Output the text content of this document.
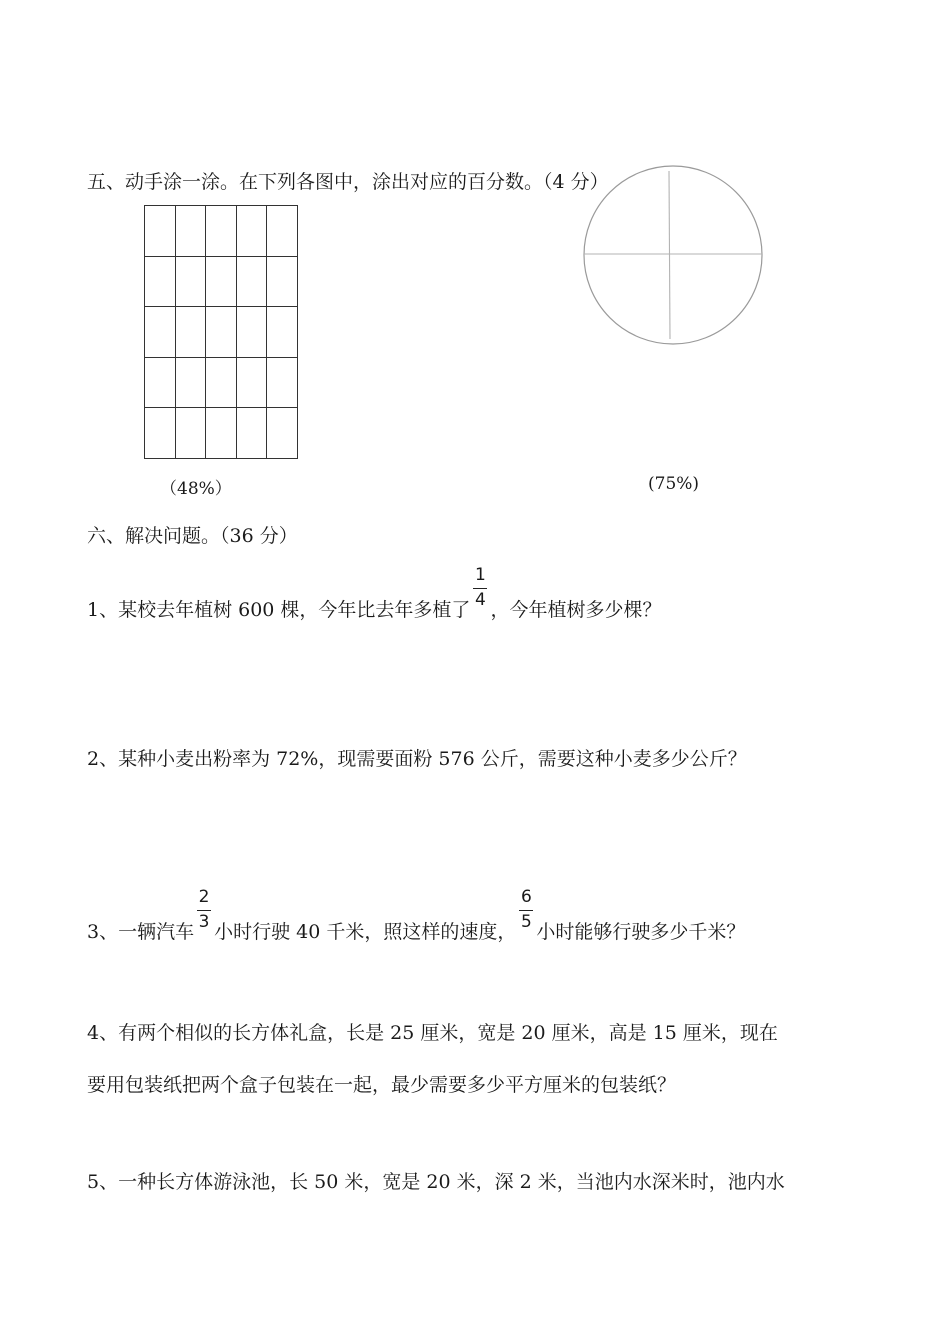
五、动手涂一涂。在下列各图中，涂出对应的百分数。（4 分）
（48%）	(75%)
六、解决问题。（36 分）
1、某校去年植树 600 棵，今年比去年多植了 $\frac{1}{4}$ ，今年植树多少棵？
2、某种小麦出粉率为 72%，现需要面粉 576 公斤，需要这种小麦多少公斤？
3、一辆汽车 $\frac{2}{3}$ 小时行驶 40 千米，照这样的速度， $\frac{6}{5}$ 小时能够行驶多少千米？
4、有两个相似的长方体礼盒，长是 25 厘米，宽是 20 厘米，高是 15 厘米，现在
要用包装纸把两个盒子包装在一起，最少需要多少平方厘米的包装纸？
5、一种长方体游泳池，长 50 米，宽是 20 米，深 2 米，当池内水深米时，池内水
